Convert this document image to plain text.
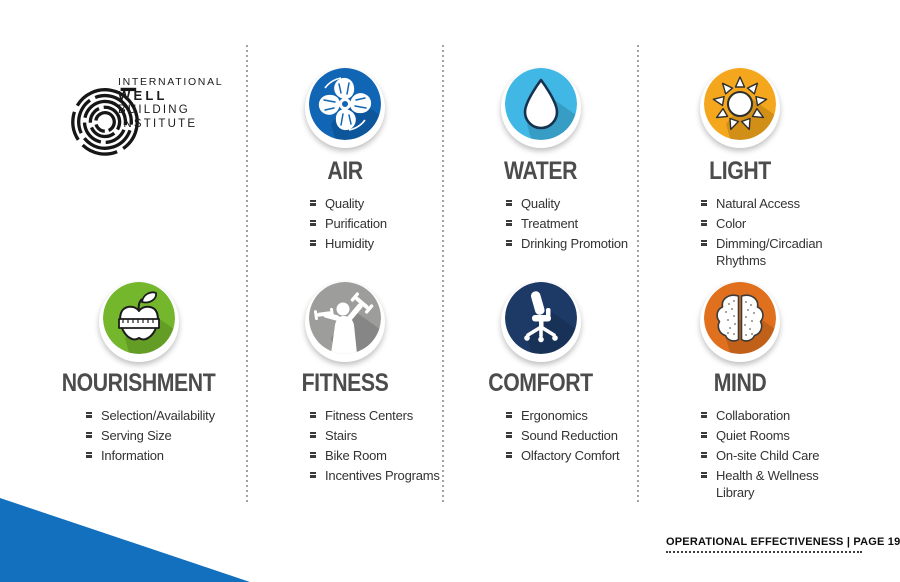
INTERNATIONAL
WELL
BUILDING
INSTITUTE
AIR
Quality
Purification
Humidity
WATER
Quality
Treatment
Drinking Promotion
LIGHT
Natural Access
Color
Dimming/Circadian Rhythms
NOURISHMENT
Selection/Availability
Serving Size
Information
FITNESS
Fitness Centers
Stairs
Bike Room
Incentives Programs
COMFORT
Ergonomics
Sound Reduction
Olfactory Comfort
MIND
Collaboration
Quiet Rooms
On-site Child Care
Health & Wellness Library
OPERATIONAL EFFECTIVENESS | PAGE 19
